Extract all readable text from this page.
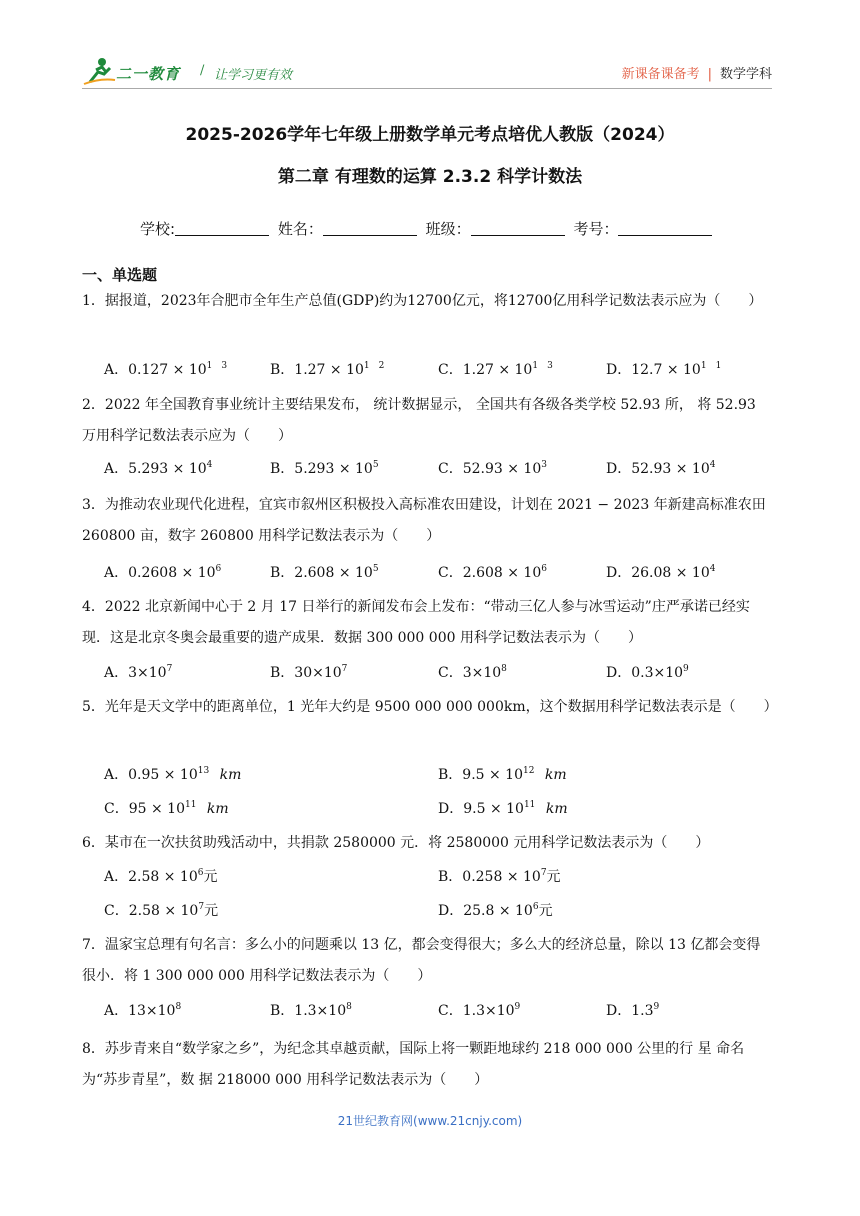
二一教育 / 让学习更有效	新课备课备考 | 数学学科
2025-2026学年七年级上册数学单元考点培优人教版（2024）
第二章 有理数的运算 2.3.2 科学计数法
学校:	姓名：	班级：	考号：
一、单选题
1．据报道，2023年合肥市全年生产总值(GDP)约为12700亿元，将12700亿用科学记数法表示应为（　　）
A．$0.127 \times 10^{1 3}$	B．$1.27 \times 10^{1 2}$	C．$1.27 \times 10^{1 3}$	D．$12.7 \times 10^{1 1}$
2．2022 年全国教育事业统计主要结果发布， 统计数据显示， 全国共有各级各类学校 52.93 所， 将 52.93 万用科学记数法表示应为（　　）
A．$5.293 \times 10^4$	B．$5.293 \times 10^5$	C．$52.93 \times 10^3$	D．$52.93 \times 10^4$
3．为推动农业现代化进程，宜宾市叙州区积极投入高标准农田建设，计划在 2021 − 2023 年新建高标准农田 260800 亩，数字 260800 用科学记数法表示为（　　）
A．$0.2608 \times 10^6$	B．$2.608 \times 10^5$	C．$2.608 \times 10^6$	D．$26.08 \times 10^4$
4．2022 北京新闻中心于 2 月 17 日举行的新闻发布会上发布：“带动三亿人参与冰雪运动”庄严承诺已经实现．这是北京冬奥会最重要的遗产成果．数据 300 000 000 用科学记数法表示为（　　）
A．$3\times 10^7$	B．$30\times 10^7$	C．$3\times 10^8$	D．$0.3\times 10^9$
5．光年是天文学中的距离单位，1 光年大约是 9500 000 000 000km，这个数据用科学记数法表示是（　　）
A．$0.95 \times 10^{13}$ km	B．$9.5 \times 10^{12}$ km
C．$95 \times 10^{11}$ km	D．$9.5 \times 10^{11}$ km
6．某市在一次扶贫助残活动中，共捐款 2580000 元．将 2580000 元用科学记数法表示为（　　）
A．$2.58 \times 10^6$元	B．$0.258 \times 10^7$元
C．$2.58 \times 10^7$元	D．$25.8 \times 10^6$元
7．温家宝总理有句名言：多么小的问题乘以 13 亿，都会变得很大；多么大的经济总量，除以 13 亿都会变得很小．将 1 300 000 000 用科学记数法表示为（　　）
A．$13\times 10^8$	B．$1.3\times 10^8$	C．$1.3\times 10^9$	D．$1.3^9$
8．苏步青来自“数学家之乡”，为纪念其卓越贡献，国际上将一颗距地球约 218 000 000 公里的行 星 命名为“苏步青星”，数 据 218000 000 用科学记数法表示为（　　）
21世纪教育网(www.21cnjy.com)
